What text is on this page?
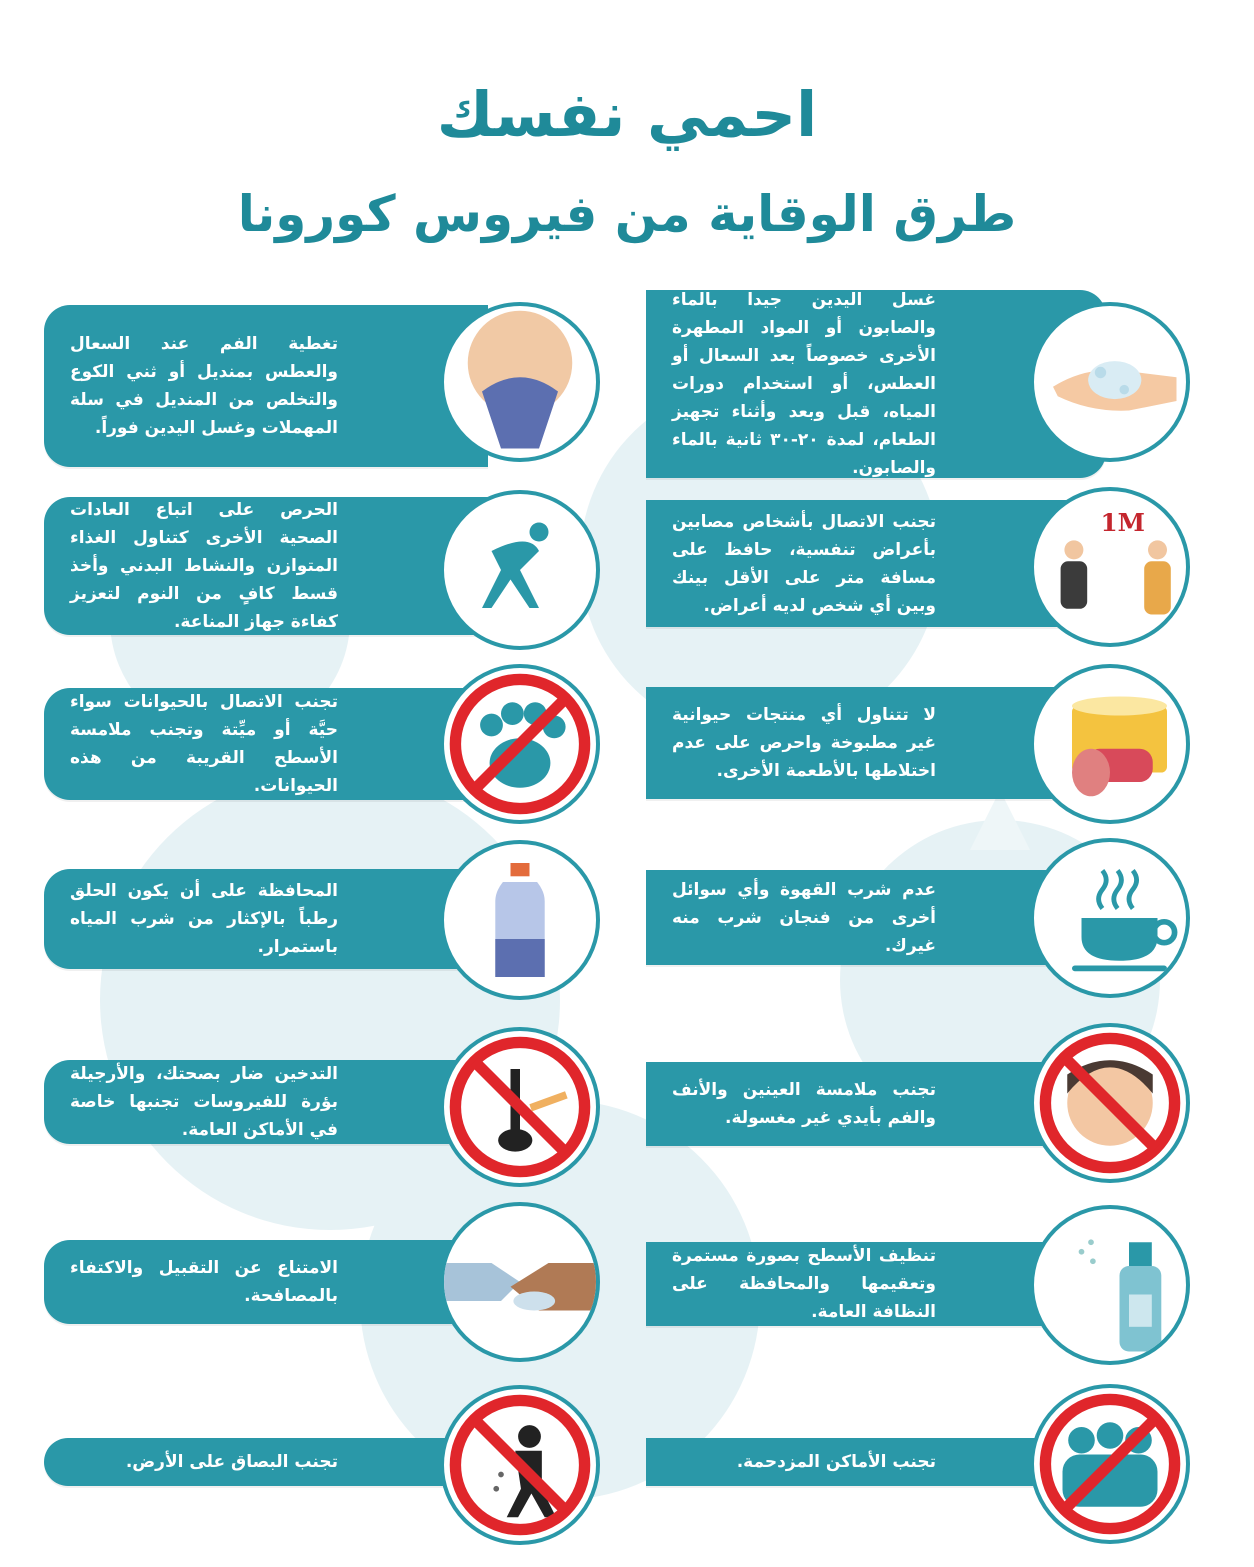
احمي نفسك
طرق الوقاية من فيروس كورونا
غسل اليدين جيدا بالماء والصابون أو المواد المطهرة الأخرى خصوصاً بعد السعال أو العطس، أو استخدام دورات المياه، قبل وبعد وأثناء تجهيز الطعام، لمدة ٢٠-٣٠ ثانية بالماء والصابون.
تجنب الاتصال بأشخاص مصابين بأعراض تنفسية، حافظ على مسافة متر على الأقل بينك وبين أي شخص لديه أعراض.
1M
لا تتناول أي منتجات حيوانية غير مطبوخة واحرص على عدم اختلاطها بالأطعمة الأخرى.
عدم شرب القهوة وأي سوائل أخرى من فنجان شرب منه غيرك.
تجنب ملامسة العينين والأنف والفم بأيدي غير مغسولة.
تنظيف الأسطح بصورة مستمرة وتعقيمها والمحافظة على النظافة العامة.
تجنب الأماكن المزدحمة.
تغطية الفم عند السعال والعطس بمنديل أو ثني الكوع والتخلص من المنديل في سلة المهملات وغسل اليدين فوراً.
الحرص على اتباع العادات الصحية الأخرى كتناول الغذاء المتوازن والنشاط البدني وأخذ قسط كافٍ من النوم لتعزيز كفاءة جهاز المناعة.
تجنب الاتصال بالحيوانات سواء حيَّة أو ميِّتة وتجنب ملامسة الأسطح القريبة من هذه الحيوانات.
المحافظة على أن يكون الحلق رطباً بالإكثار من شرب المياه باستمرار.
التدخين ضار بصحتك، والأرجيلة بؤرة للفيروسات تجنبها خاصة في الأماكن العامة.
الامتناع عن التقبيل والاكتفاء بالمصافحة.
تجنب البصاق على الأرض.
